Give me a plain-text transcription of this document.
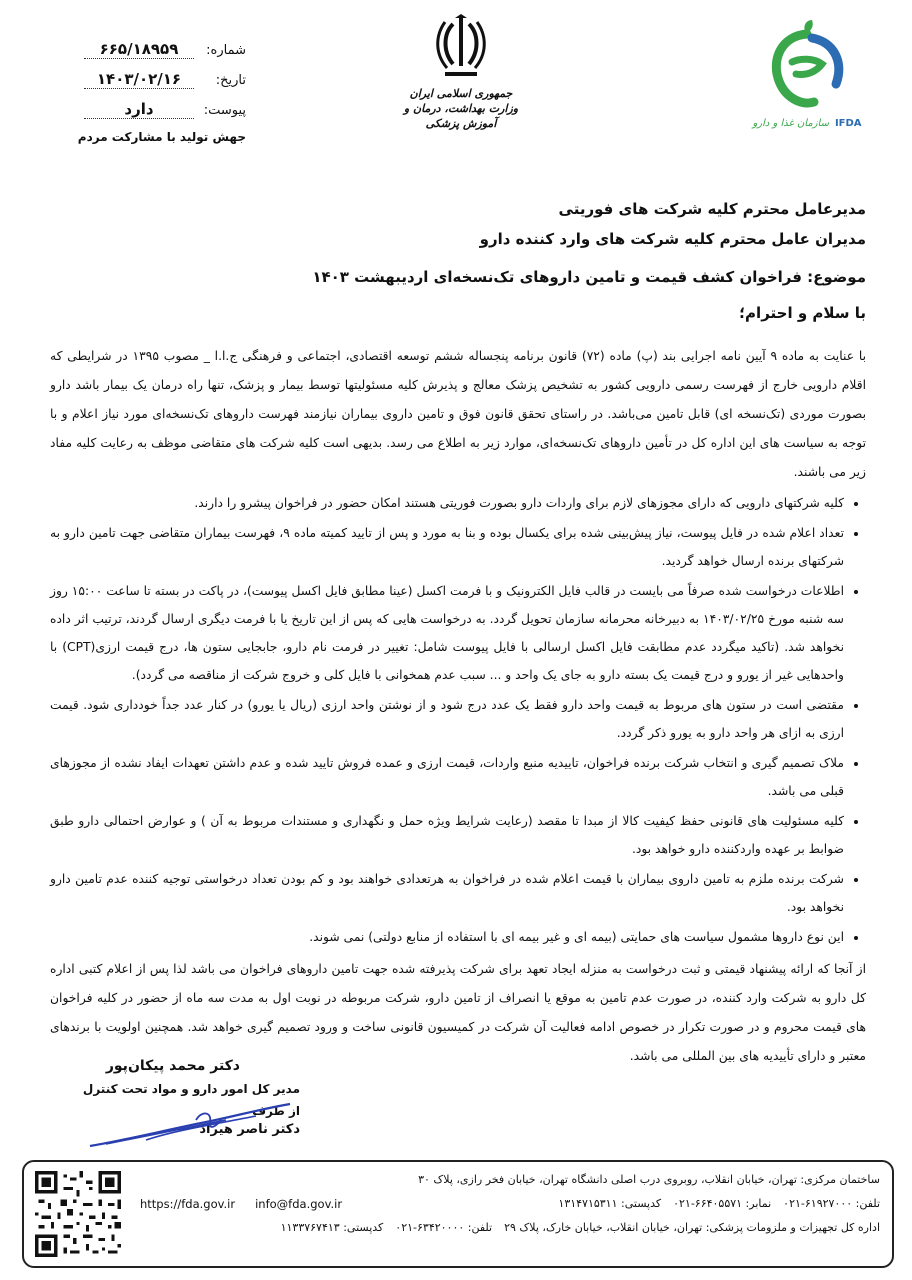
سازمان غذا و دارو IFDA
جمهوری اسلامی ایران
وزارت بهداشت، درمان و آموزش پزشکی
شماره:
۶۶۵/۱۸۹۵۹
تاریخ:
۱۴۰۳/۰۲/۱۶
پیوست:
دارد
جهش تولید با مشارکت مردم

مدیرعامل محترم کلیه شرکت های فوریتی

مدیران عامل محترم کلیه شرکت های وارد کننده دارو

موضوع: فراخوان کشف قیمت و تامین داروهای تک‌نسخه‌ای اردیبهشت ۱۴۰۳

با سلام و احترام؛

با عنایت به ماده ۹ آیین نامه اجرایی بند (پ) ماده (۷۲) قانون برنامه پنجساله ششم توسعه اقتصادی، اجتماعی و فرهنگی ج.ا.ا _ مصوب ۱۳۹۵ در شرایطی که اقلام دارویی خارج از فهرست رسمی دارویی کشور به تشخیص پزشک معالج و پذیرش کلیه مسئولیتها توسط بیمار و پزشک، تنها راه درمان یک بیمار باشد دارو بصورت موردی (تک‌نسخه ای) قابل تامین می‌باشد. در راستای تحقق قانون فوق و تامین داروی بیماران نیازمند فهرست داروهای تک‌نسخه‌ای مورد نیاز اعلام و با توجه به سیاست های این اداره کل در تأمین داروهای تک‌نسخه‌ای، موارد زیر به اطلاع می رسد. بدیهی است کلیه شرکت های متقاضی موظف به رعایت کلیه مفاد زیر می باشند.

• کلیه شرکتهای دارویی که دارای مجوزهای لازم برای واردات دارو بصورت فوریتی هستند امکان حضور در فراخوان پیشرو را دارند.
• تعداد اعلام شده در فایل پیوست، نیاز پیش‌بینی شده برای یکسال بوده و بنا به مورد و پس از تایید کمیته ماده ۹، فهرست بیماران متقاضی جهت تامین دارو به شرکتهای برنده ارسال خواهد گردید.
• اطلاعات درخواست شده صرفاً می بایست در قالب فایل الکترونیک و با فرمت اکسل (عینا مطابق فایل اکسل پیوست)، در پاکت در بسته تا ساعت ۱۵:۰۰ روز سه شنبه مورخ ۱۴۰۳/۰۲/۲۵ به دبیرخانه محرمانه سازمان تحویل گردد. به درخواست هایی که پس از این تاریخ یا با فرمت دیگری ارسال گردند، ترتیب اثر داده نخواهد شد. (تاکید میگردد عدم مطابقت فایل اکسل ارسالی با فایل پیوست شامل: تغییر در فرمت نام دارو، جابجایی ستون ها، درج قیمت ارزی(CPT) با واحدهایی غیر از یورو و درج قیمت یک بسته دارو به جای یک واحد و ... سبب عدم همخوانی با فایل کلی و خروج شرکت از مناقصه می گردد).
• مقتضی است در ستون های مربوط به قیمت واحد دارو فقط یک عدد درج شود و از نوشتن واحد ارزی (ریال یا یورو) در کنار عدد جداً خودداری شود. قیمت ارزی به ازای هر واحد دارو به یورو ذکر گردد.
• ملاک تصمیم گیری و انتخاب شرکت برنده فراخوان، تاییدیه منبع واردات، قیمت ارزی و عمده فروش تایید شده و عدم داشتن تعهدات ایفاد نشده از مجوزهای قبلی می باشد.
• کلیه مسئولیت های قانونی حفظ کیفیت کالا از مبدا تا مقصد (رعایت شرایط ویژه حمل و نگهداری و مستندات مربوط به آن ) و عوارض احتمالی دارو طبق ضوابط بر عهده واردکننده دارو خواهد بود.
• شرکت برنده ملزم به تامین داروی بیماران با قیمت اعلام شده در فراخوان به هرتعدادی خواهند بود و کم بودن تعداد درخواستی توجیه کننده عدم تامین دارو نخواهد بود.
• این نوع داروها مشمول سیاست های حمایتی (بیمه ای و غیر بیمه ای با استفاده از منابع دولتی) نمی شوند.

از آنجا که ارائه پیشنهاد قیمتی و ثبت درخواست به منزله ایجاد تعهد برای شرکت پذیرفته شده جهت تامین داروهای فراخوان می باشد لذا پس از اعلام کتبی اداره کل دارو به شرکت وارد کننده، در صورت عدم تامین به موقع یا انصراف از تامین دارو، شرکت مربوطه در نوبت اول به مدت سه ماه از حضور در کلیه فراخوان های قیمت محروم و در صورت تکرار در خصوص ادامه فعالیت آن شرکت در کمیسیون قانونی ساخت و ورود تصمیم گیری خواهد شد. همچنین اولویت با برندهای معتبر و دارای تأییدیه های بین المللی می باشد.

دکتر محمد پیکان‌پور
مدیر کل امور دارو و مواد تحت کنترل
از طرف
دکتر ناصر هیراد
ساختمان مرکزی: تهران، خیابان انقلاب، روبروی درب اصلی دانشگاه تهران، خیابان فخر رازی، پلاک ۳۰
تلفن: ۶۱۹۲۷۰۰۰-۰۲۱
نمابر: ۶۶۴۰۵۵۷۱-۰۲۱
کدپستی: ۱۳۱۴۷۱۵۳۱۱
https://fda.gov.ir info@fda.gov.ir
اداره کل تجهیزات و ملزومات پزشکی: تهران، خیابان انقلاب، خیابان خارک، پلاک ۲۹
تلفن: ۶۳۴۲۰۰۰۰-۰۲۱
کدپستی: ۱۱۳۳۷۶۷۴۱۳
